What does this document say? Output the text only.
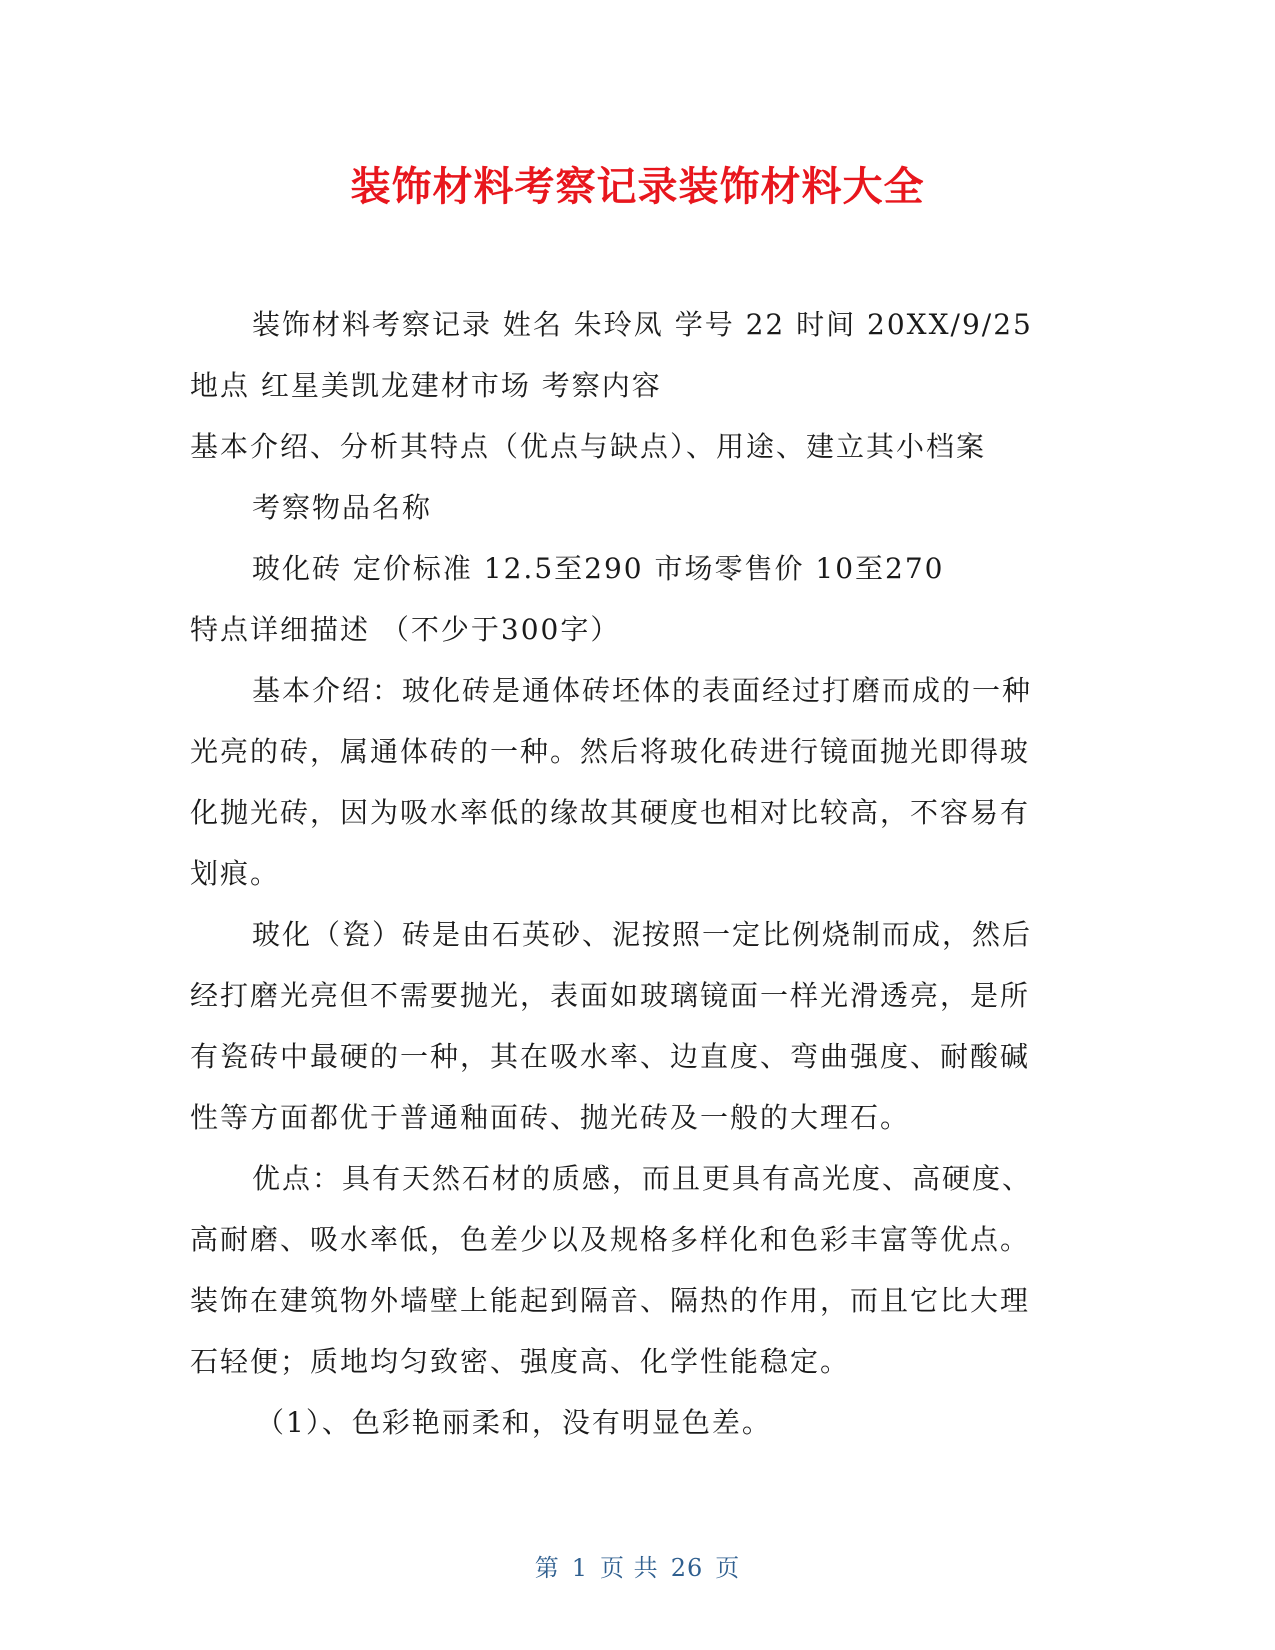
装饰材料考察记录装饰材料大全
装饰材料考察记录 姓名 朱玲凤 学号 22 时间 20XX/9/25
地点 红星美凯龙建材市场 考察内容
基本介绍、分析其特点（优点与缺点）、用途、建立其小档案
考察物品名称
玻化砖 定价标准 12.5至290 市场零售价 10至270
特点详细描述 （不少于300字）
基本介绍：玻化砖是通体砖坯体的表面经过打磨而成的一种
光亮的砖，属通体砖的一种。然后将玻化砖进行镜面抛光即得玻
化抛光砖，因为吸水率低的缘故其硬度也相对比较高，不容易有
划痕。
玻化（瓷）砖是由石英砂、泥按照一定比例烧制而成，然后
经打磨光亮但不需要抛光，表面如玻璃镜面一样光滑透亮，是所
有瓷砖中最硬的一种，其在吸水率、边直度、弯曲强度、耐酸碱
性等方面都优于普通釉面砖、抛光砖及一般的大理石。
优点：具有天然石材的质感，而且更具有高光度、高硬度、
高耐磨、吸水率低，色差少以及规格多样化和色彩丰富等优点。
装饰在建筑物外墙壁上能起到隔音、隔热的作用，而且它比大理
石轻便；质地均匀致密、强度高、化学性能稳定。
（1）、色彩艳丽柔和，没有明显色差。
第 1 页 共 26 页
